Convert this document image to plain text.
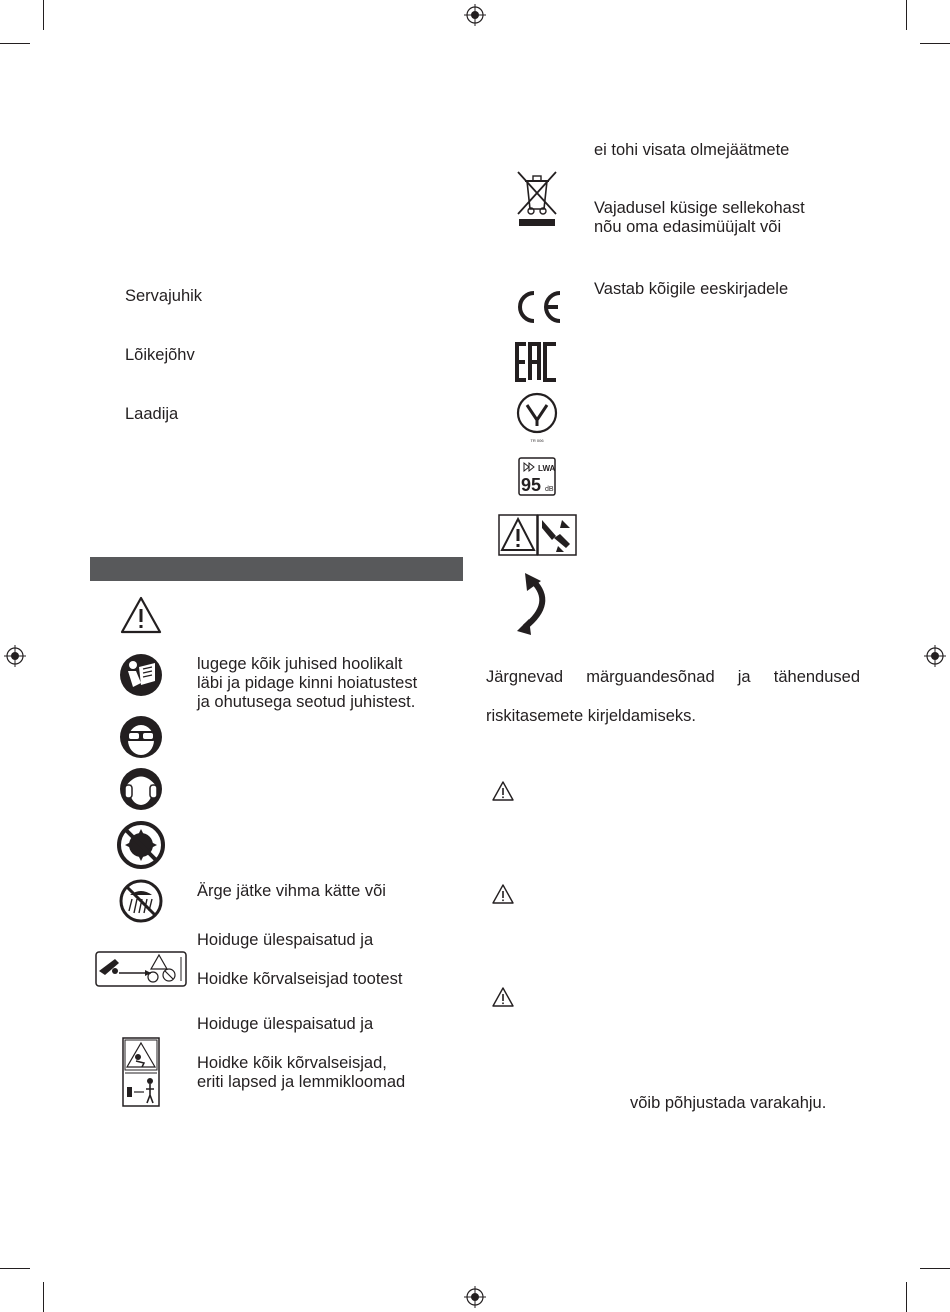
Servajuhik
Lõikejõhv
Laadija
lugege kõik juhised hoolikalt
läbi ja pidage kinni hoiatustest
ja ohutusega seotud juhistest.
Ärge jätke vihma kätte või
Hoiduge ülespaisatud ja
Hoidke kõrvalseisjad tootest
Hoiduge ülespaisatud ja
Hoidke kõik kõrvalseisjad,
eriti lapsed ja lemmikloomad
ei tohi visata olmejäätmete
Vajadusel küsige sellekohast
nõu oma edasimüüjalt või
Vastab kõigile eeskirjadele
TR 006
LWA
95 dB
Järgnevad märguandesõnad ja tähendused
riskitasemete kirjeldamiseks.
võib põhjustada varakahju.
